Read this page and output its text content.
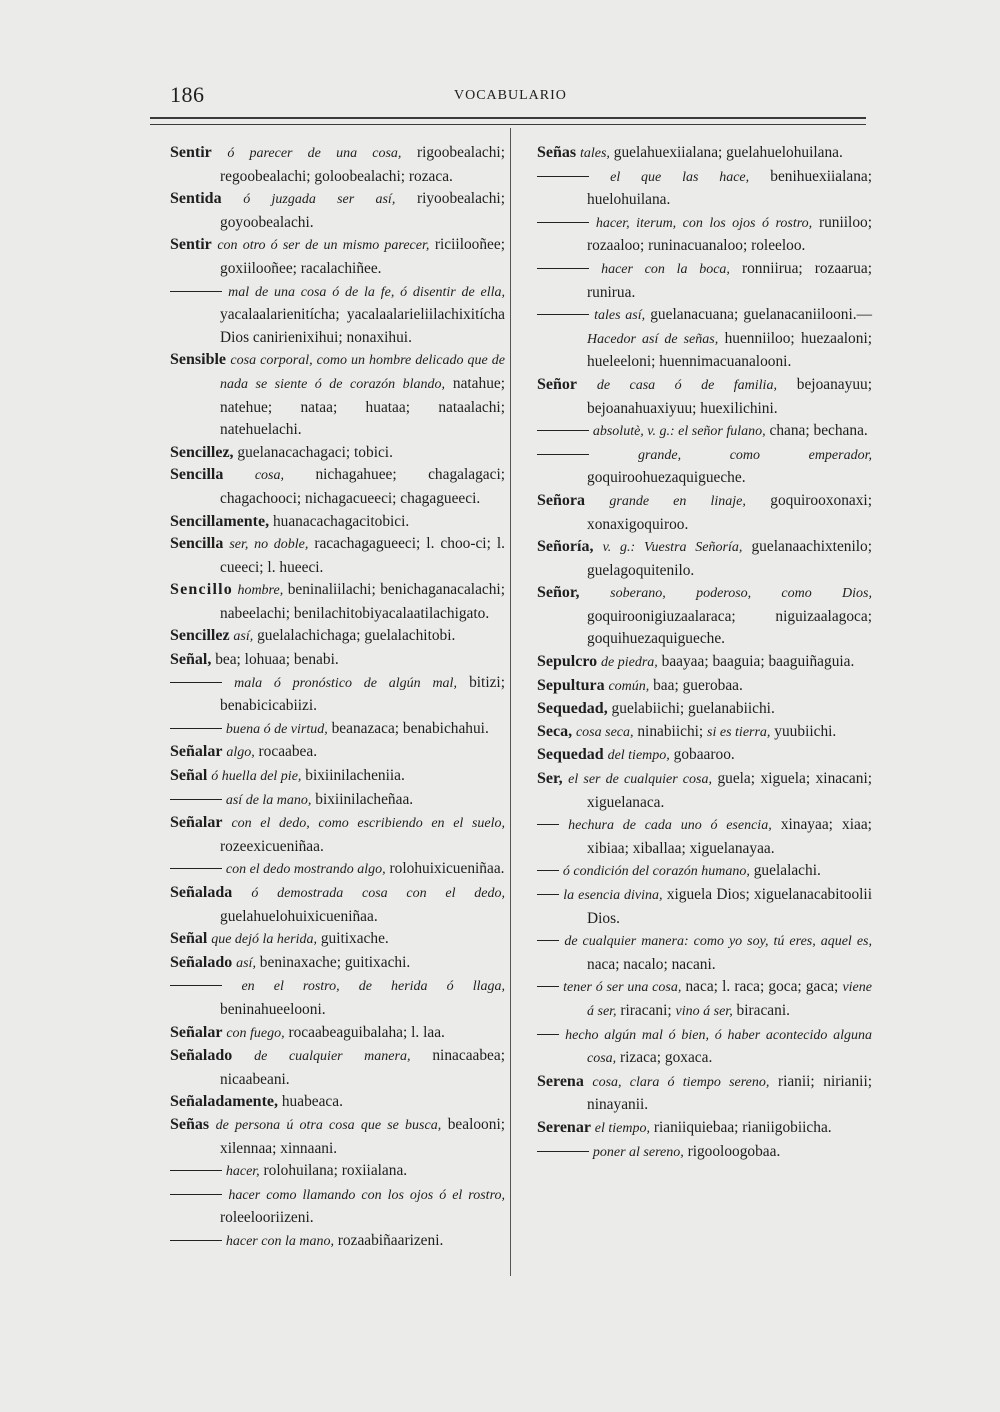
186	VOCABULARIO

Sentir ó parecer de una cosa, rigoobealachi; regoobealachi; goloobealachi; rozaca.

Sentida ó juzgada ser así, riyoobealachi; goyoobealachi.

Sentir con otro ó ser de un mismo parecer, riciilooñee; goxiilooñee; racalachiñee.

mal de una cosa ó de la fe, ó disentir de ella, yacalaalarienitícha; yacalaalarieliilachixitícha Dios canirienixihui; nonaxihui.

Sensible cosa corporal, como un hombre delicado que de nada se siente ó de corazón blando, natahue; natehue; nataa; huataa; nataalachi; natehuelachi.

Sencillez, guelanacachagaci; tobici.

Sencilla cosa, nichagahuee; chagalagaci; chagachooci; nichagacueeci; chagagueeci.

Sencillamente, huanacachagacitobici.

Sencilla ser, no doble, racachagagueeci; l. choo-ci; l. cueeci; l. hueeci.

Sencillo hombre, beninaliilachi; benichaganacalachi; nabeelachi; benilachitobiyacalaatilachigato.

Sencillez así, guelalachichaga; guelalachitobi.

Señal, bea; lohuaa; benabi.

mala ó pronóstico de algún mal, bitizi; benabicicabiizi.

buena ó de virtud, beanazaca; benabichahui.

Señalar algo, rocaabea.

Señal ó huella del pie, bixiinilacheniia.

así de la mano, bixiinilacheñaa.

Señalar con el dedo, como escribiendo en el suelo, rozeexicueniñaa.

con el dedo mostrando algo, rolohuixicueniñaa.

Señalada ó demostrada cosa con el dedo, guelahuelohuixicueniñaa.

Señal que dejó la herida, guitixache.

Señalado así, beninaxache; guitixachi.

en el rostro, de herida ó llaga, beninahueelooni.

Señalar con fuego, rocaabeaguibalaha; l. laa.

Señalado de cualquier manera, ninacaabea; nicaabeani.

Señaladamente, huabeaca.

Señas de persona ú otra cosa que se busca, bealooni; xilennaa; xinnaani.

hacer, rolohuilana; roxiialana.

hacer como llamando con los ojos ó el rostro, roleelooriizeni.

hacer con la mano, rozaabiñaarizeni.

Señas tales, guelahuexiialana; guelahuelohuilana.

el que las hace, benihuexiialana; huelohuilana.

hacer, iterum, con los ojos ó rostro, runiiloo; rozaaloo; runinacuanaloo; roleeloo.

hacer con la boca, ronniirua; rozaarua; runirua.

tales así, guelanacuana; guelanacaniilooni.—Hacedor así de señas, huenniiloo; huezaaloni; hueleeloni; huennimacuanalooni.

Señor de casa ó de familia, bejoanayuu; bejoanahuaxiyuu; huexilichini.

absolutè, v. g.: el señor fulano, chana; bechana.

grande, como emperador, goquiroohuezaquigueche.

Señora grande en linaje, goquirooxonaxi; xonaxigoquiroo.

Señoría, v. g.: Vuestra Señoría, guelanaachixtenilo; guelagoquitenilo.

Señor, soberano, poderoso, como Dios, goquiroonigiuzaalaraca; niguizaalagoca; goquihuezaquigueche.

Sepulcro de piedra, baayaa; baaguia; baaguiñaguia.

Sepultura común, baa; guerobaa.

Sequedad, guelabiichi; guelanabiichi.

Seca, cosa seca, ninabiichi; si es tierra, yuubiichi.

Sequedad del tiempo, gobaaroo.

Ser, el ser de cualquier cosa, guela; xiguela; xinacani; xiguelanaca.

hechura de cada uno ó esencia, xinayaa; xiaa; xibiaa; xiballaa; xiguelanayaa.

ó condición del corazón humano, guelalachi.

la esencia divina, xiguela Dios; xiguelanacabitoolii Dios.

de cualquier manera: como yo soy, tú eres, aquel es, naca; nacalo; nacani.

tener ó ser una cosa, naca; l. raca; goca; gaca; viene á ser, riracani; vino á ser, biracani.

hecho algún mal ó bien, ó haber acontecido alguna cosa, rizaca; goxaca.

Serena cosa, clara ó tiempo sereno, rianii; nirianii; ninayanii.

Serenar el tiempo, rianiiquiebaa; rianiigobiicha.

poner al sereno, rigooloogobaa.
